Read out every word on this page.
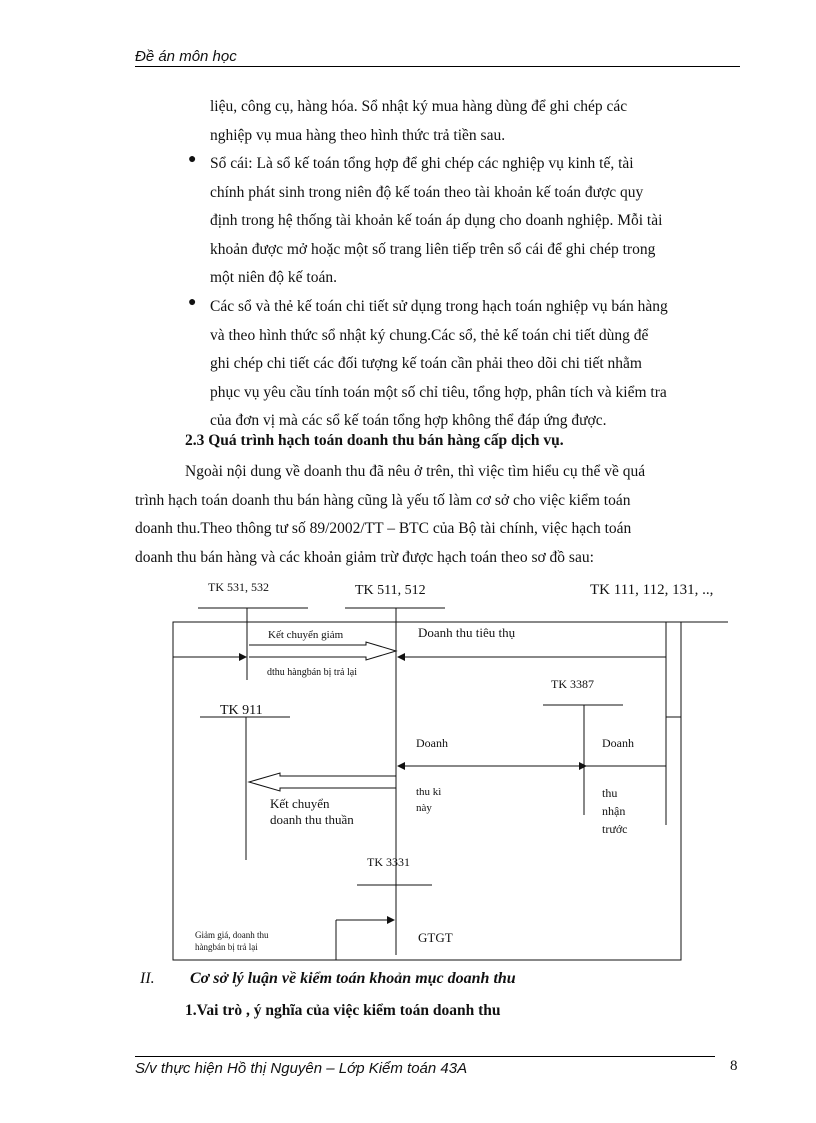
Đề án môn học
liệu, công cụ, hàng hóa. Sổ nhật ký mua hàng dùng để ghi chép các
nghiệp vụ mua hàng theo hình thức trả tiền sau.
● Sổ cái: Là sổ kế toán tổng hợp để ghi chép các nghiệp vụ kinh tế, tài
chính phát sinh trong niên độ kế toán theo tài khoản kế toán được quy
định trong hệ thống tài khoản kế toán áp dụng cho doanh nghiệp. Mỗi tài
khoản được mở hoặc một số trang liên tiếp trên sổ cái để ghi chép trong
một niên độ kế toán.
● Các sổ và thẻ kế toán chi tiết sử dụng trong hạch toán nghiệp vụ bán hàng
và theo hình thức sổ nhật ký chung.Các sổ, thẻ kế toán chi tiết dùng để
ghi chép chi tiết các đối tượng kế toán cần phải theo dõi chi tiết nhằm
phục vụ yêu cầu tính toán một số chỉ tiêu, tổng hợp, phân tích và kiểm tra
của đơn vị mà các sổ kế toán tổng hợp không thể đáp ứng được.
2.3 Quá trình hạch toán doanh thu bán hàng cấp dịch vụ.
Ngoài nội dung về doanh thu đã nêu ở trên, thì việc tìm hiểu cụ thể về quá
trình hạch toán doanh thu bán hàng cũng là yếu tố làm cơ sở cho việc kiểm toán
doanh thu.Theo thông tư số 89/2002/TT – BTC của Bộ tài chính, việc hạch toán
doanh thu bán hàng và các khoản giảm trừ được hạch toán theo sơ đồ sau:
TK 531, 532	TK 511, 512	TK 111, 112, 131, ..,
TK 3387
TK 911
TK 3331
Kết chuyển giảm
dthu hàngbán bị trả lại
Doanh thu tiêu thụ
Doanh
thu kì
này
Doanh
thu
nhận
trước
Kết chuyển
doanh thu thuần
Giảm giá, doanh thu
hàngbán bị trả lại
GTGT
II. Cơ sở lý luận về kiểm toán khoản mục doanh thu
1.Vai trò , ý nghĩa của việc kiểm toán doanh thu
S/v thực hiện Hồ thị Nguyên – Lớp Kiểm toán 43A	8
